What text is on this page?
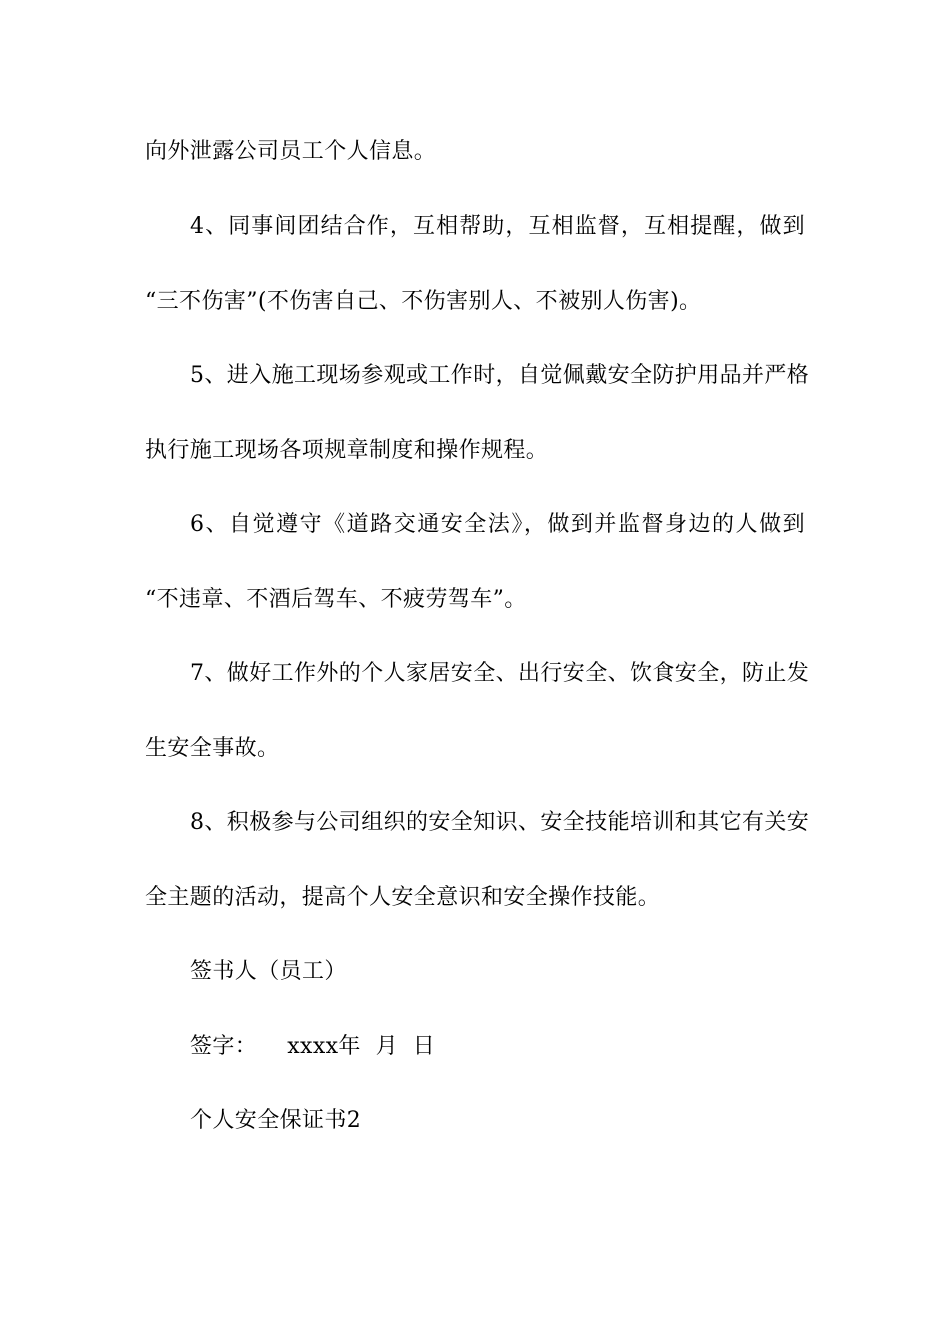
向外泄露公司员工个人信息。
4、同事间团结合作，互相帮助，互相监督，互相提醒，做到
“三不伤害”(不伤害自己、不伤害别人、不被别人伤害)。
5、进入施工现场参观或工作时，自觉佩戴安全防护用品并严格
执行施工现场各项规章制度和操作规程。
6、自觉遵守《道路交通安全法》，做到并监督身边的人做到
“不违章、不酒后驾车、不疲劳驾车”。
7、做好工作外的个人家居安全、出行安全、饮食安全，防止发
生安全事故。
8、积极参与公司组织的安全知识、安全技能培训和其它有关安
全主题的活动，提高个人安全意识和安全操作技能。
签书人（员工）
签字： xxxx年  月  日
个人安全保证书2
